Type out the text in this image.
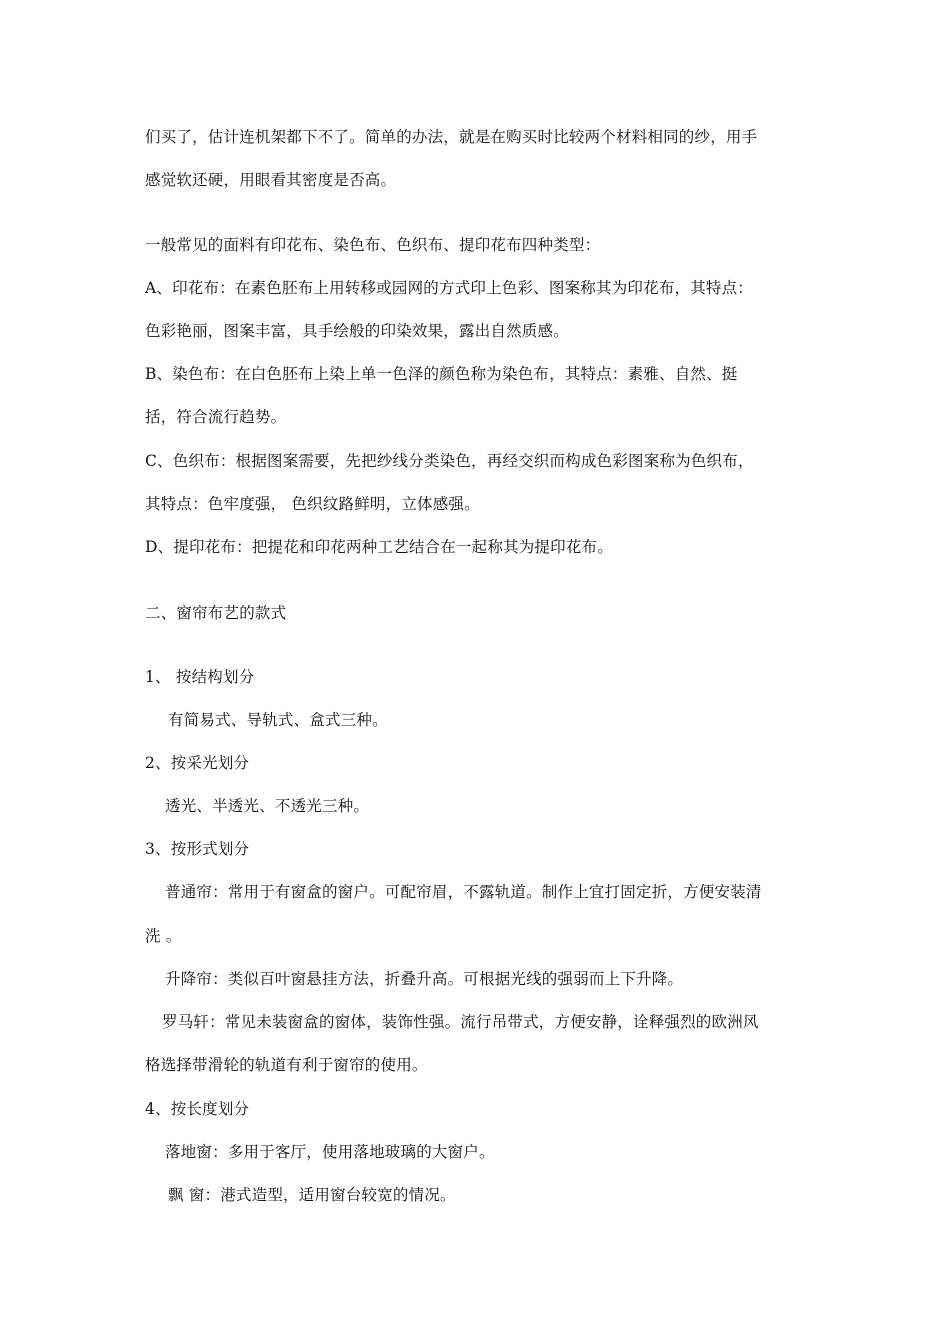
们买了，估计连机架都下不了。简单的办法，就是在购买时比较两个材料相同的纱，用手
感觉软还硬，用眼看其密度是否高。
一般常见的面料有印花布、染色布、色织布、提印花布四种类型：
A、印花布：在素色胚布上用转移或园网的方式印上色彩、图案称其为印花布，其特点：
色彩艳丽，图案丰富，具手绘般的印染效果，露出自然质感。
B、染色布：在白色胚布上染上单一色泽的颜色称为染色布，其特点：素雅、自然、挺
括，符合流行趋势。
C、色织布：根据图案需要，先把纱线分类染色，再经交织而构成色彩图案称为色织布，
其特点：色牢度强， 色织纹路鲜明，立体感强。
D、提印花布：把提花和印花两种工艺结合在一起称其为提印花布。
二、窗帘布艺的款式
1、 按结构划分
有简易式、导轨式、盒式三种。
2、按采光划分
透光、半透光、不透光三种。
3、按形式划分
普通帘：常用于有窗盒的窗户。可配帘眉，不露轨道。制作上宜打固定折，方便安装清
洗 。
升降帘：类似百叶窗悬挂方法，折叠升高。可根据光线的强弱而上下升降。
罗马轩：常见未装窗盒的窗体，装饰性强。流行吊带式，方便安静，诠释强烈的欧洲风
格选择带滑轮的轨道有利于窗帘的使用。
4、按长度划分
落地窗：多用于客厅，使用落地玻璃的大窗户。
飘 窗：港式造型，适用窗台较宽的情况。
